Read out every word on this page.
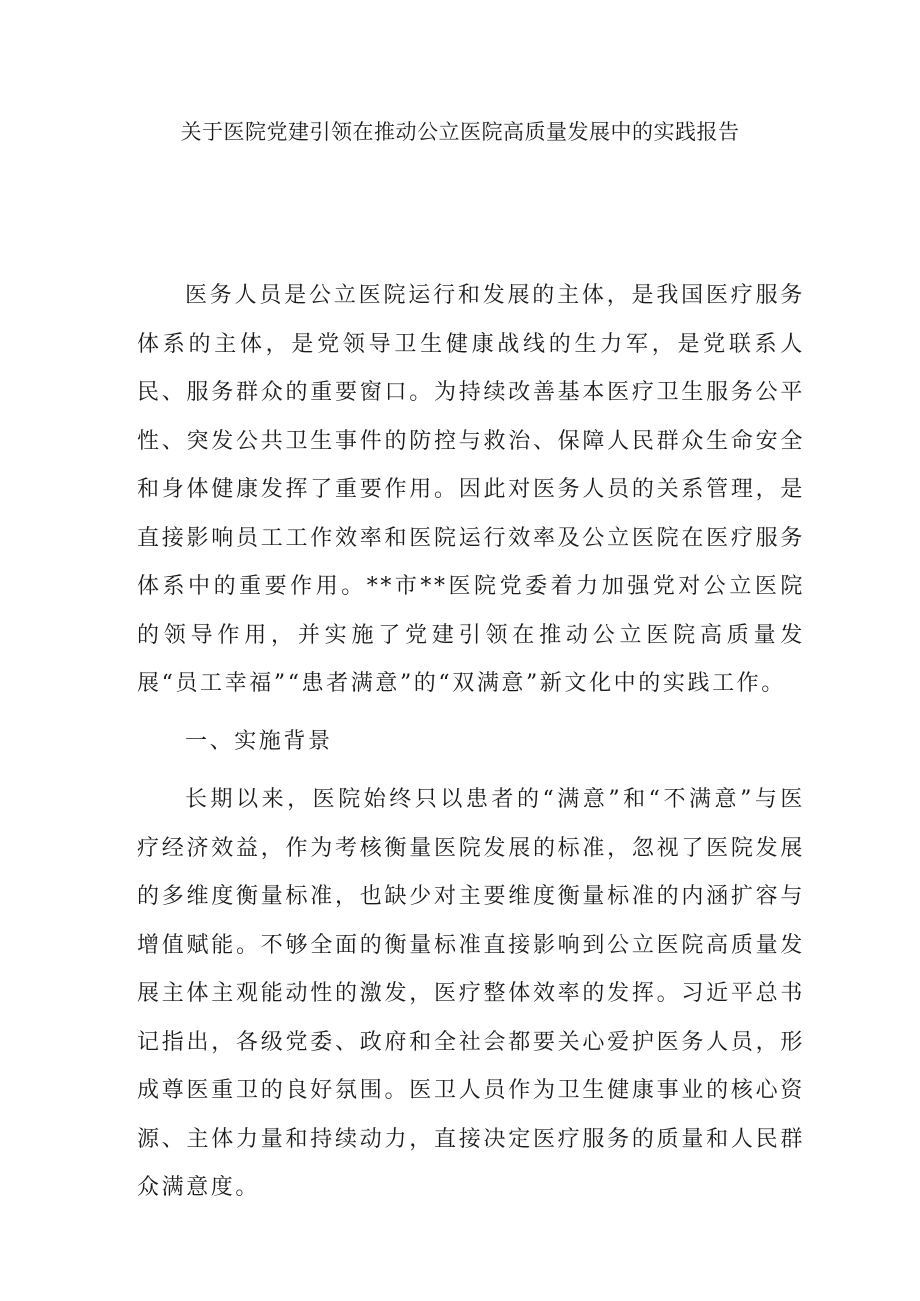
关于医院党建引领在推动公立医院高质量发展中的实践报告

医务人员是公立医院运行和发展的主体，是我国医疗服务体系的主体，是党领导卫生健康战线的生力军，是党联系人民、服务群众的重要窗口。为持续改善基本医疗卫生服务公平性、突发公共卫生事件的防控与救治、保障人民群众生命安全和身体健康发挥了重要作用。因此对医务人员的关系管理，是直接影响员工工作效率和医院运行效率及公立医院在医疗服务体系中的重要作用。**市**医院党委着力加强党对公立医院的领导作用，并实施了党建引领在推动公立医院高质量发展“员工幸福”“患者满意”的“双满意”新文化中的实践工作。

一、实施背景

长期以来，医院始终只以患者的“满意”和“不满意”与医疗经济效益，作为考核衡量医院发展的标准，忽视了医院发展的多维度衡量标准，也缺少对主要维度衡量标准的内涵扩容与增值赋能。不够全面的衡量标准直接影响到公立医院高质量发展主体主观能动性的激发，医疗整体效率的发挥。习近平总书记指出，各级党委、政府和全社会都要关心爱护医务人员，形成尊医重卫的良好氛围。医卫人员作为卫生健康事业的核心资源、主体力量和持续动力，直接决定医疗服务的质量和人民群众满意度。
